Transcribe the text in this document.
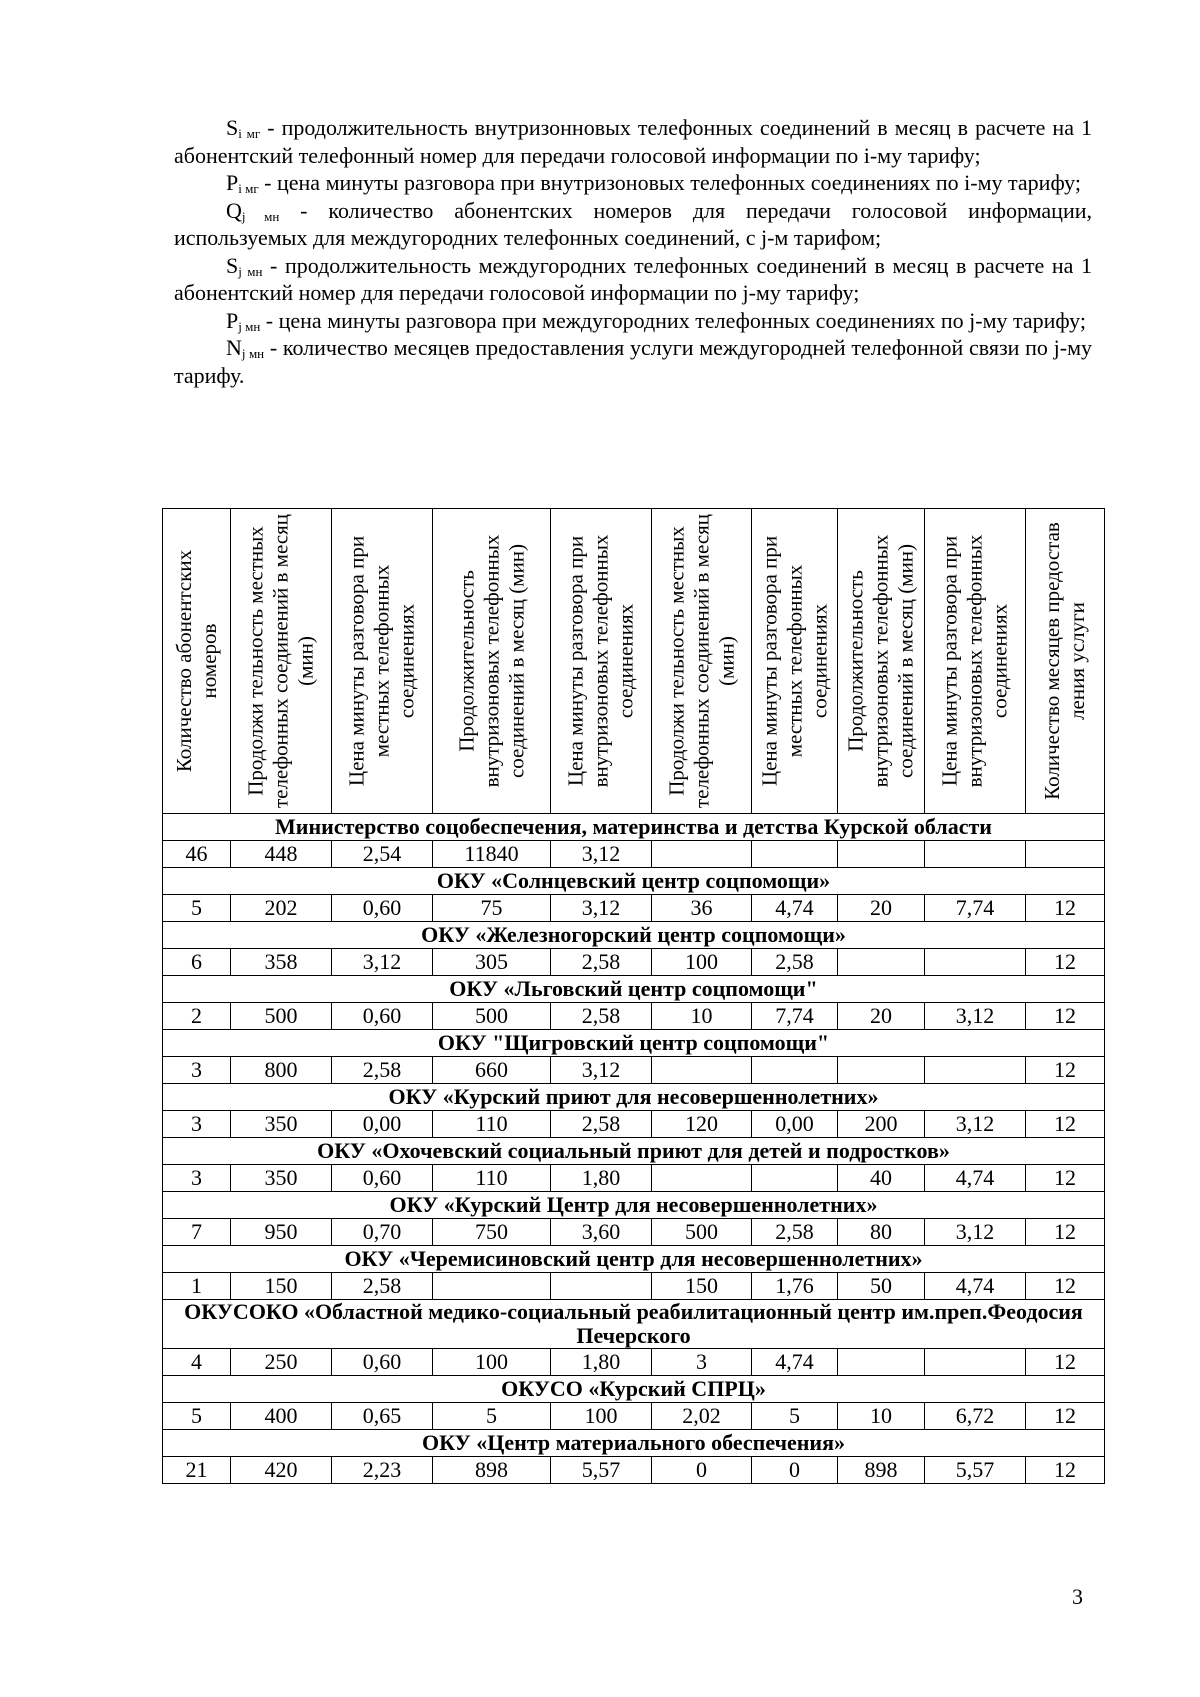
$S_{i мг}$ - продолжительность внутризонновых телефонных соединений в месяц в расчете на 1 абонентский телефонный номер для передачи голосовой информации по i-му тарифу;

$P_{i мг}$ - цена минуты разговора при внутризоновых телефонных соединениях по i-му тарифу;

$Q_{j мн}$ - количество абонентских номеров для передачи голосовой информации, используемых для междугородних телефонных соединений, с j-м тарифом;

$S_{j мн}$ - продолжительность междугородних телефонных соединений в месяц в расчете на 1 абонентский номер для передачи голосовой информации по j-му тарифу;

$P_{j мн}$ - цена минуты разговора при междугородних телефонных соединениях по j-му тарифу;

$N_{j мн}$ - количество месяцев предоставления услуги междугородней телефонной связи по j-му тарифу.

Количество абонентских номеров	Продолжи тельность местных телефонных соединений в месяц (мин)	Цена минуты разговора при местных телефонных соединениях	Продолжительность внутризоновых телефонных соединений в месяц (мин)	Цена минуты разговора при внутризоновых телефонных соединениях	Продолжи тельность местных телефонных соединений в месяц (мин)	Цена минуты разговора при местных телефонных соединениях	Продолжительность внутризоновых телефонных соединений в месяц (мин)	Цена минуты разговора при внутризоновых телефонных соединениях	Количество месяцев предостав ления услуги

Министерство соцобеспечения, материнства и детства Курской области									
46	448	2,54	11840	3,12					
ОКУ «Солнцевский центр соцпомощи»									
5	202	0,60	75	3,12	36	4,74	20	7,74	12
ОКУ «Железногорский центр соцпомощи»									
6	358	3,12	305	2,58	100	2,58			12
ОКУ «Льговский центр соцпомощи"									
2	500	0,60	500	2,58	10	7,74	20	3,12	12
ОКУ "Щигровский центр соцпомощи"									
3	800	2,58	660	3,12					12
ОКУ «Курский приют для несовершеннолетних»									
3	350	0,00	110	2,58	120	0,00	200	3,12	12
ОКУ «Охочевский социальный приют для детей и подростков»									
3	350	0,60	110	1,80			40	4,74	12
ОКУ «Курский Центр для несовершеннолетних»									
7	950	0,70	750	3,60	500	2,58	80	3,12	12
ОКУ «Черемисиновский центр для несовершеннолетних»									
1	150	2,58			150	1,76	50	4,74	12
ОКУСОКО «Областной медико-социальный реабилитационный центр им.преп.Феодосия Печерского									
4	250	0,60	100	1,80	3	4,74			12
ОКУСО «Курский СПРЦ»									
5	400	0,65	5	100	2,02	5	10	6,72	12
ОКУ «Центр материального обеспечения»									
21	420	2,23	898	5,57	0	0	898	5,57	12
3
